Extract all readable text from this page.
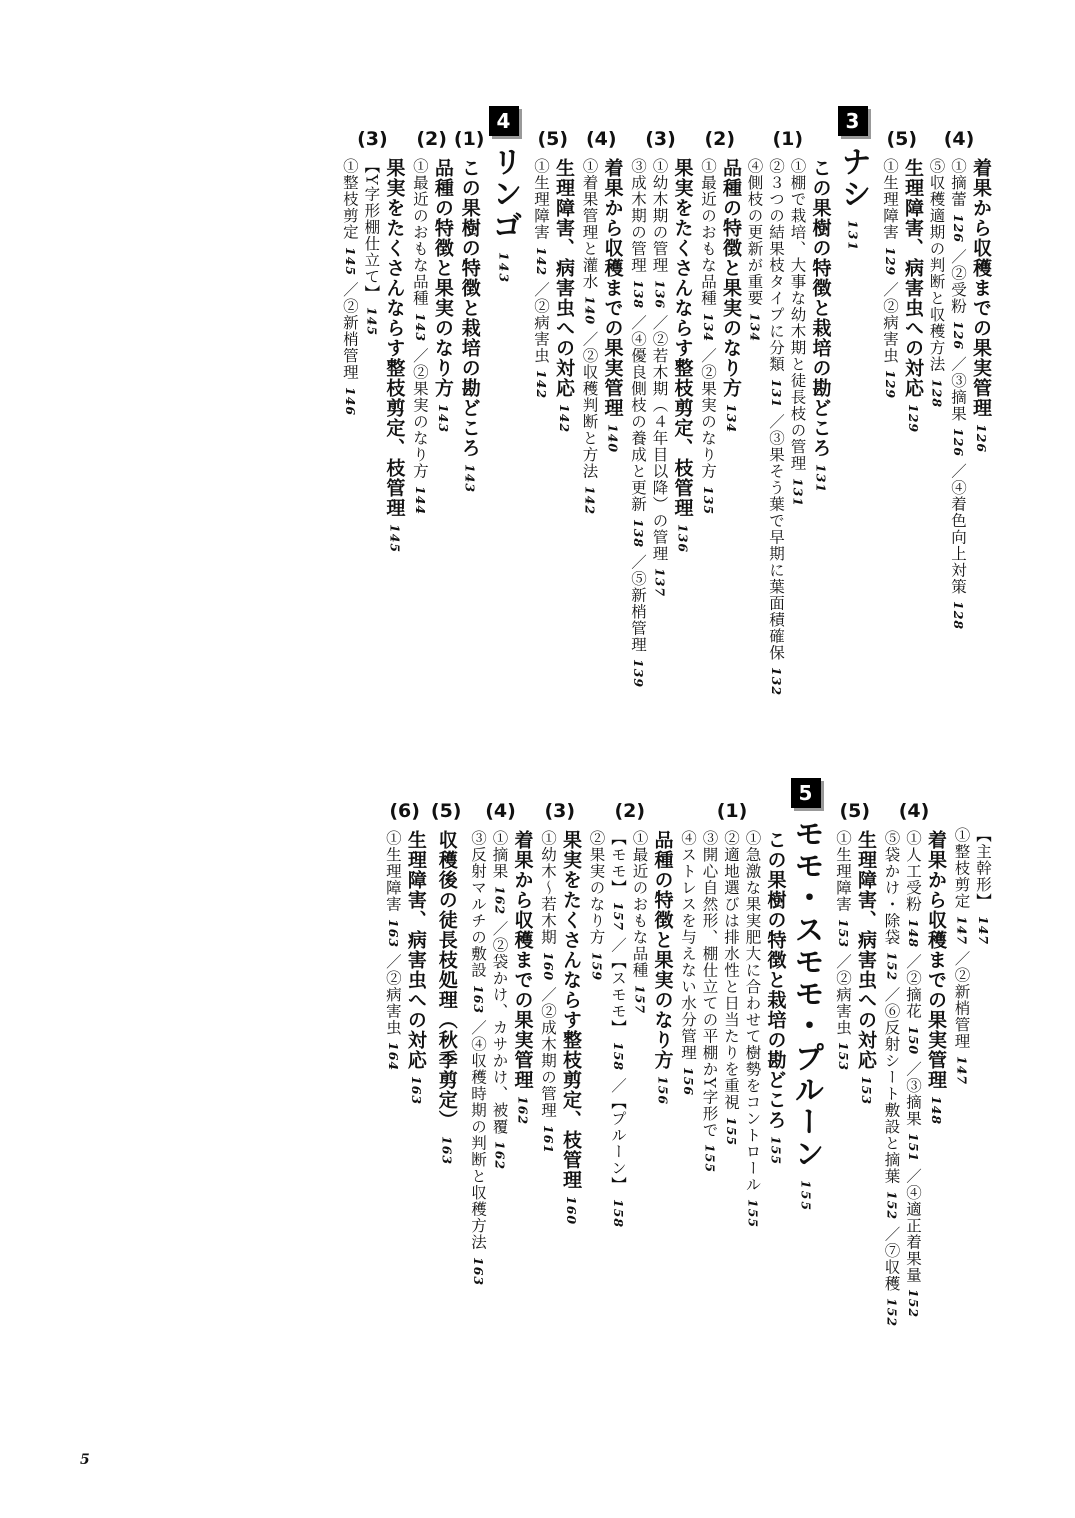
(4)
着果から収穫までの果実管理126
①摘蕾126／②受粉126／③摘果126／④着色向上対策128
⑤収穫適期の判断と収穫方法128
(5)
生理障害、病害虫への対応129
①生理障害129／②病害虫129
3
ナシ131
(1)
この果樹の特徴と栽培の勘どころ131
①棚で栽培、大事な幼木期と徒長枝の管理131
②３つの結果枝タイプに分類131／③果そう葉で早期に葉面積確保132
④側枝の更新が重要134
(2)
品種の特徴と果実のなり方134
①最近のおもな品種134／②果実のなり方135
(3)
果実をたくさんならす整枝剪定、枝管理136
①幼木期の管理136／②若木期（４年目以降）の管理137
③成木期の管理138／④優良側枝の養成と更新138／⑤新梢管理139
(4)
着果から収穫までの果実管理140
①着果管理と灌水140／②収穫判断と方法142
(5)
生理障害、病害虫への対応142
①生理障害142／②病害虫142
4
リンゴ143
(1)
この果樹の特徴と栽培の勘どころ143
(2)
品種の特徴と果実のなり方143
①最近のおもな品種143／②果実のなり方144
(3)
果実をたくさんならす整枝剪定、枝管理145
【Y字形棚仕立て】145
①整枝剪定145／②新梢管理146
【主幹形】147
①整枝剪定147／②新梢管理147
(4)
着果から収穫までの果実管理148
①人工受粉148／②摘花150／③摘果151／④適正着果量152
⑤袋かけ・除袋152／⑥反射シート敷設と摘葉152／⑦収穫152
(5)
生理障害、病害虫への対応153
①生理障害153／②病害虫153
5
モモ・スモモ・プルーン155
(1)
この果樹の特徴と栽培の勘どころ155
①急激な果実肥大に合わせて樹勢をコントロール155
②適地選びは排水性と日当たりを重視155
③開心自然形、棚仕立ての平棚かY字形で155
④ストレスを与えない水分管理156
(2)
品種の特徴と果実のなり方156
①最近のおもな品種157
【モモ】157／【スモモ】158／【プルーン】158
②果実のなり方159
(3)
果実をたくさんならす整枝剪定、枝管理160
①幼木～若木期160／②成木期の管理161
(4)
着果から収穫までの果実管理162
①摘果162／②袋かけ、カサかけ、被覆162
③反射マルチの敷設163／④収穫時期の判断と収穫方法163
(5)
収穫後の徒長枝処理（秋季剪定）163
(6)
生理障害、病害虫への対応163
①生理障害163／②病害虫164
5
